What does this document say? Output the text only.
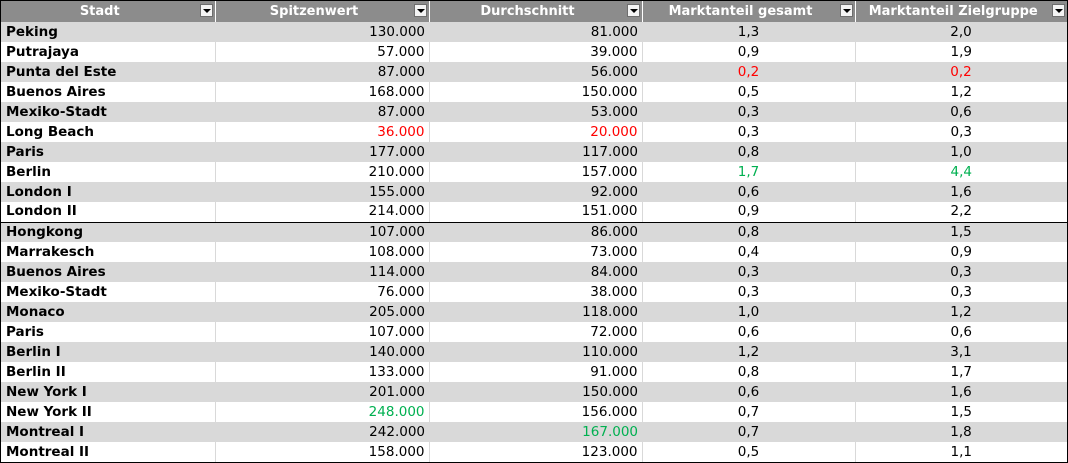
Stadt	Spitzenwert	Durchschnitt	Marktanteil gesamt	Marktanteil Zielgruppe

Peking	130.000	81.000	1,3	2,0
Putrajaya	57.000	39.000	0,9	1,9
Punta del Este	87.000	56.000	0,2	0,2
Buenos Aires	168.000	150.000	0,5	1,2
Mexiko-Stadt	87.000	53.000	0,3	0,6
Long Beach	36.000	20.000	0,3	0,3
Paris	177.000	117.000	0,8	1,0
Berlin	210.000	157.000	1,7	4,4
London I	155.000	92.000	0,6	1,6
London II	214.000	151.000	0,9	2,2
Hongkong	107.000	86.000	0,8	1,5
Marrakesch	108.000	73.000	0,4	0,9
Buenos Aires	114.000	84.000	0,3	0,3
Mexiko-Stadt	76.000	38.000	0,3	0,3
Monaco	205.000	118.000	1,0	1,2
Paris	107.000	72.000	0,6	0,6
Berlin I	140.000	110.000	1,2	3,1
Berlin II	133.000	91.000	0,8	1,7
New York I	201.000	150.000	0,6	1,6
New York II	248.000	156.000	0,7	1,5
Montreal I	242.000	167.000	0,7	1,8
Montreal II	158.000	123.000	0,5	1,1
